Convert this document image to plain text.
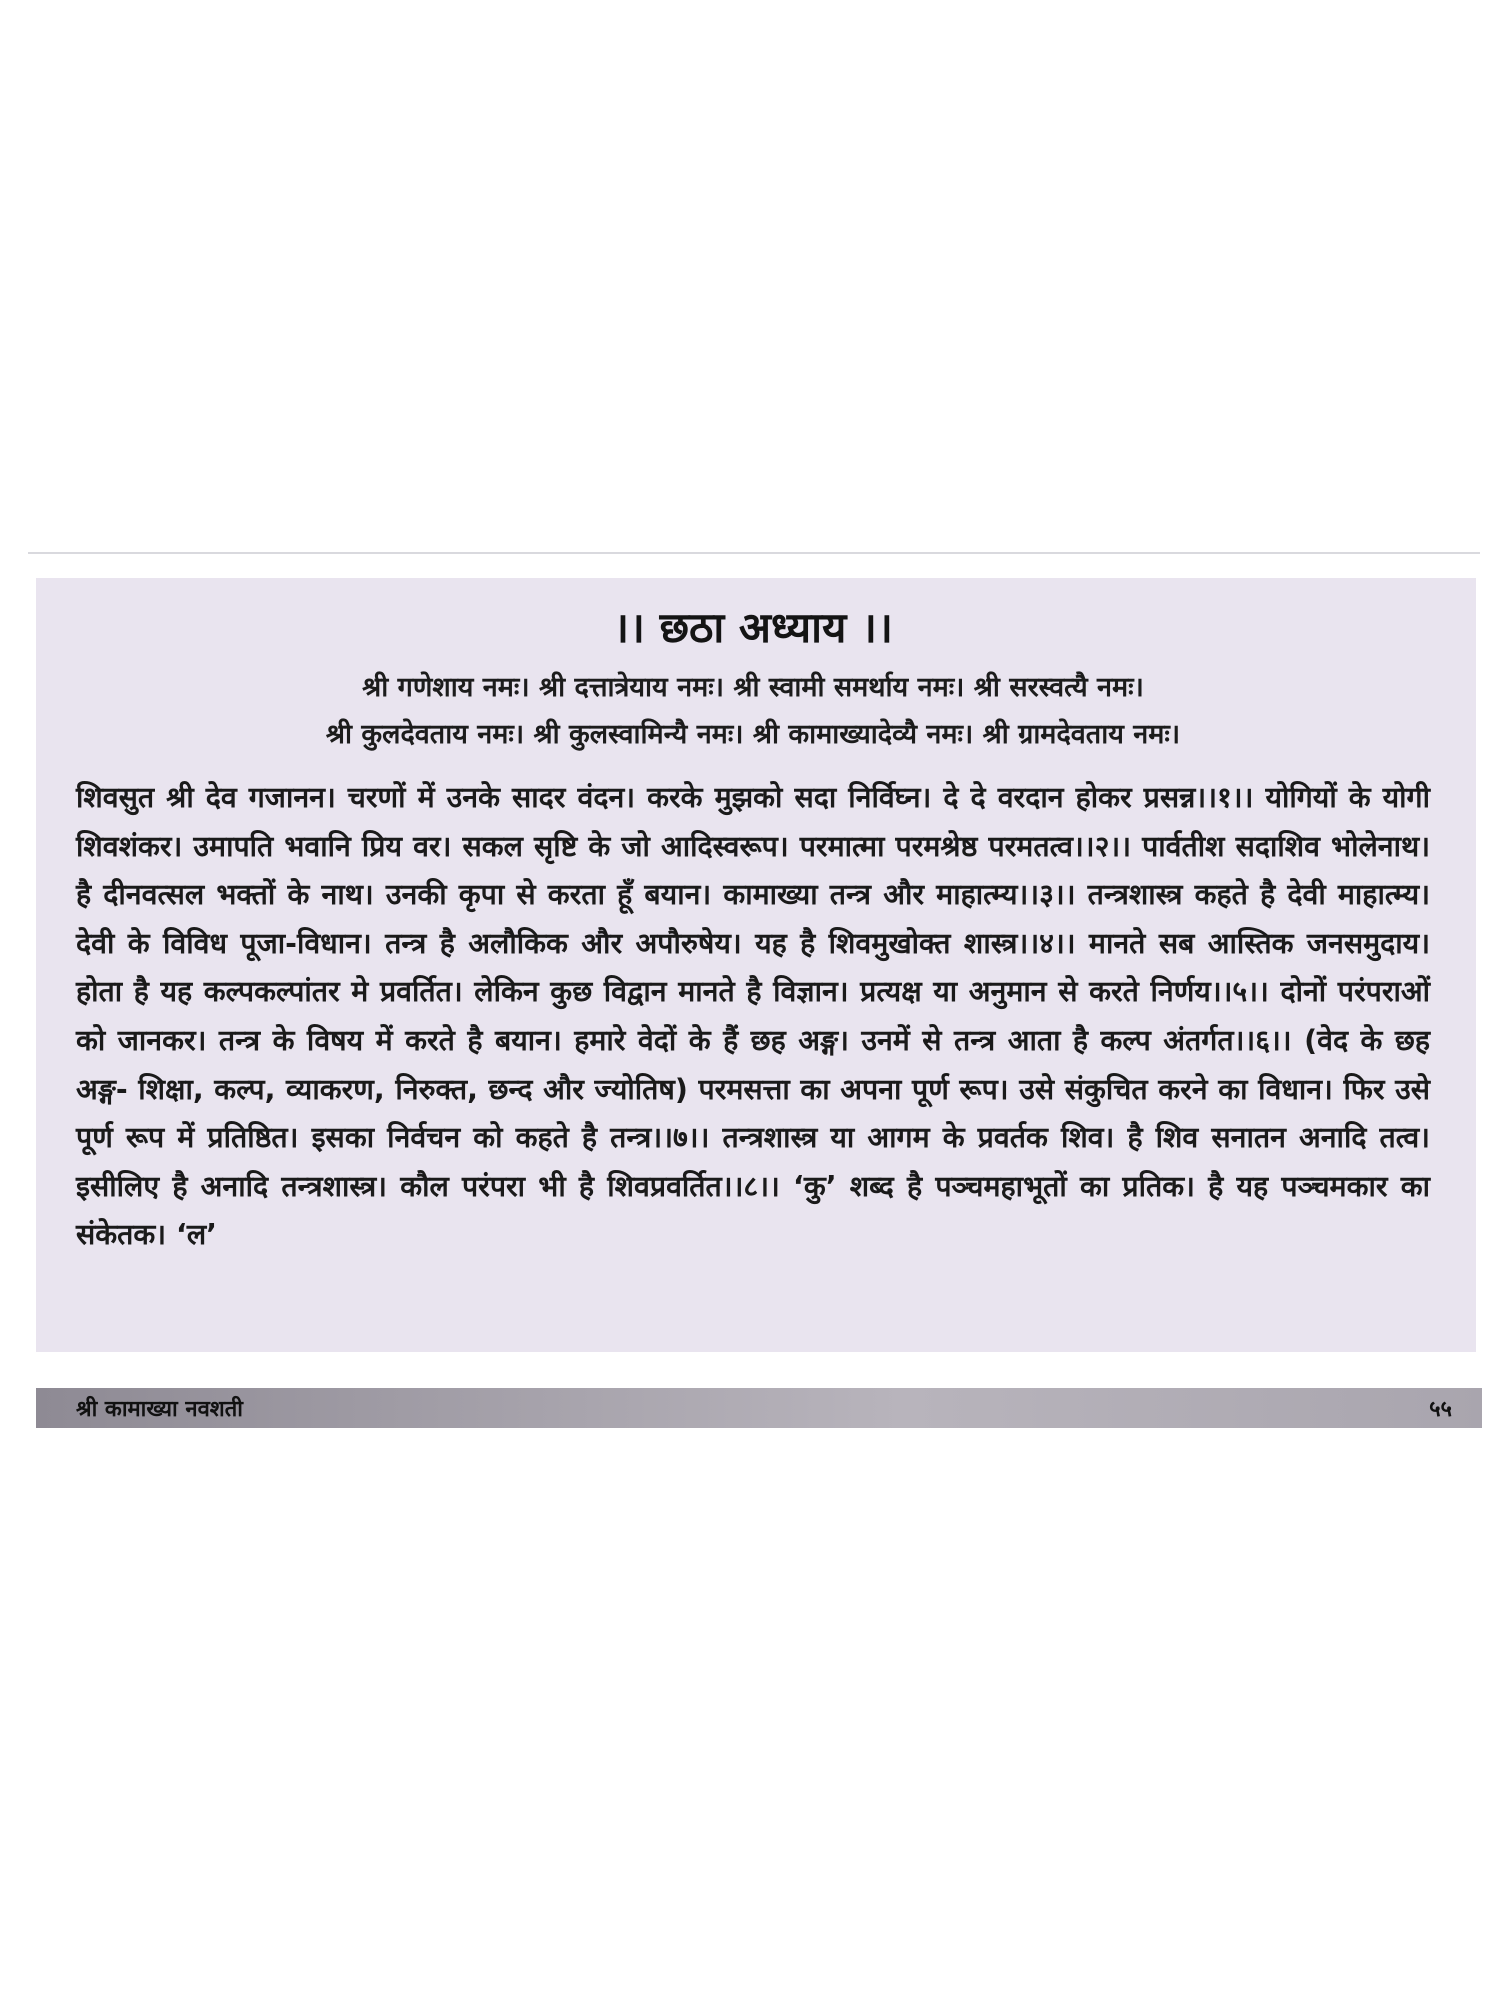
।। छठा अध्याय ।।
श्री गणेशाय नमः। श्री दत्तात्रेयाय नमः। श्री स्वामी समर्थाय नमः। श्री सरस्वत्यै नमः।
श्री कुलदेवताय नमः। श्री कुलस्वामिन्यै नमः। श्री कामाख्यादेव्यै नमः। श्री ग्रामदेवताय नमः।
शिवसुत श्री देव गजानन। चरणों में उनके सादर वंदन। करके मुझको सदा निर्विघ्न। दे दे वरदान होकर प्रसन्न।।१।। योगियों के योगी शिवशंकर। उमापति भवानि प्रिय वर। सकल सृष्टि के जो आदिस्वरूप। परमात्मा परमश्रेष्ठ परमतत्व।।२।। पार्वतीश सदाशिव भोलेनाथ। है दीनवत्सल भक्तों के नाथ। उनकी कृपा से करता हूँ बयान। कामाख्या तन्त्र और माहात्म्य।।३।। तन्त्रशास्त्र कहते है देवी माहात्म्य। देवी के विविध पूजा-विधान। तन्त्र है अलौकिक और अपौरुषेय। यह है शिवमुखोक्त शास्त्र।।४।। मानते सब आस्तिक जनसमुदाय। होता है यह कल्पकल्पांतर मे प्रवर्तित। लेकिन कुछ विद्वान मानते है विज्ञान। प्रत्यक्ष या अनुमान से करते निर्णय।।५।। दोनों परंपराओं को जानकर। तन्त्र के विषय में करते है बयान। हमारे वेदों के हैं छह अङ्ग। उनमें से तन्त्र आता है कल्प अंतर्गत।।६।। (वेद के छह अङ्ग- शिक्षा, कल्प, व्याकरण, निरुक्त, छन्द और ज्योतिष) परमसत्ता का अपना पूर्ण रूप। उसे संकुचित करने का विधान। फिर उसे पूर्ण रूप में प्रतिष्ठित। इसका निर्वचन को कहते है तन्त्र।।७।। तन्त्रशास्त्र या आगम के प्रवर्तक शिव। है शिव सनातन अनादि तत्व। इसीलिए है अनादि तन्त्रशास्त्र। कौल परंपरा भी है शिवप्रवर्तित।।८।। ‘कु’ शब्द है पञ्चमहाभूतों का प्रतिक। है यह पञ्चमकार का संकेतक। ‘ल’
श्री कामाख्या नवशती	५५
